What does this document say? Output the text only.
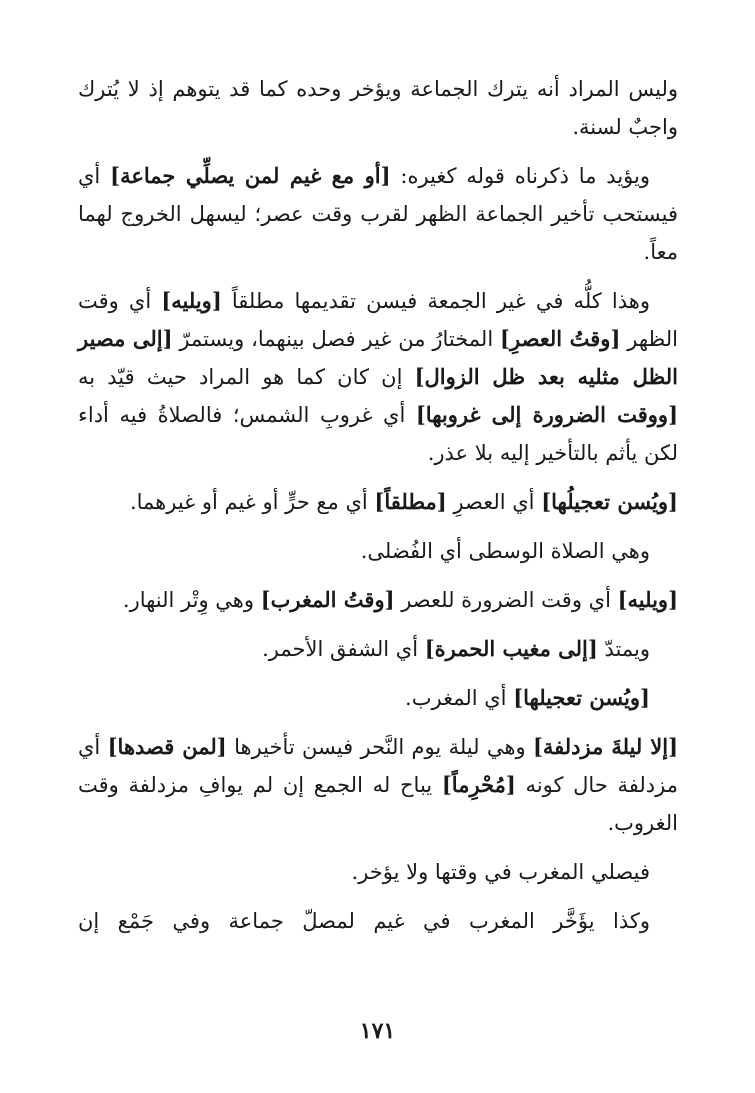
وليس المراد أنه يترك الجماعة ويؤخر وحده كما قد يتوهم إذ لا يُترك واجبٌ لسنة.

ويؤيد ما ذكرناه قوله كغيره: [أو مع غيم لمن يصلِّي جماعة] أي فيستحب تأخير الجماعة الظهر لقرب وقت عصر؛ ليسهل الخروج لهما معاً.

وهذا كلُّه في غير الجمعة فيسن تقديمها مطلقاً [ويليه] أي وقت الظهر [وقتُ العصرِ] المختارُ من غير فصل بينهما، ويستمرّ [إلى مصير الظل مثليه بعد ظل الزوال] إن كان كما هو المراد حيث قيّد به [ووقت الضرورة إلى غروبها] أي غروبِ الشمس؛ فالصلاةُ فيه أداء لكن يأثم بالتأخير إليه بلا عذر.

[ويُسن تعجيلُها] أي العصرِ [مطلقاً] أي مع حرٍّ أو غيم أو غيرهما.

وهي الصلاة الوسطى أي الفُضلى.

[ويليه] أي وقت الضرورة للعصر [وقتُ المغرب] وهي وِتْر النهار.

ويمتدّ [إلى مغيب الحمرة] أي الشفق الأحمر.

[ويُسن تعجيلها] أي المغرب.

[إلا ليلةَ مزدلفة] وهي ليلة يوم النَّحر فيسن تأخيرها [لمن قصدها] أي مزدلفة حال كونه [مُحْرِماً] يباح له الجمع إن لم يوافِ مزدلفة وقت الغروب.

فيصلي المغرب في وقتها ولا يؤخر.

وكذا يؤَخَّر المغرب في غيم لمصلّ جماعة وفي جَمْع إن

١٧١
